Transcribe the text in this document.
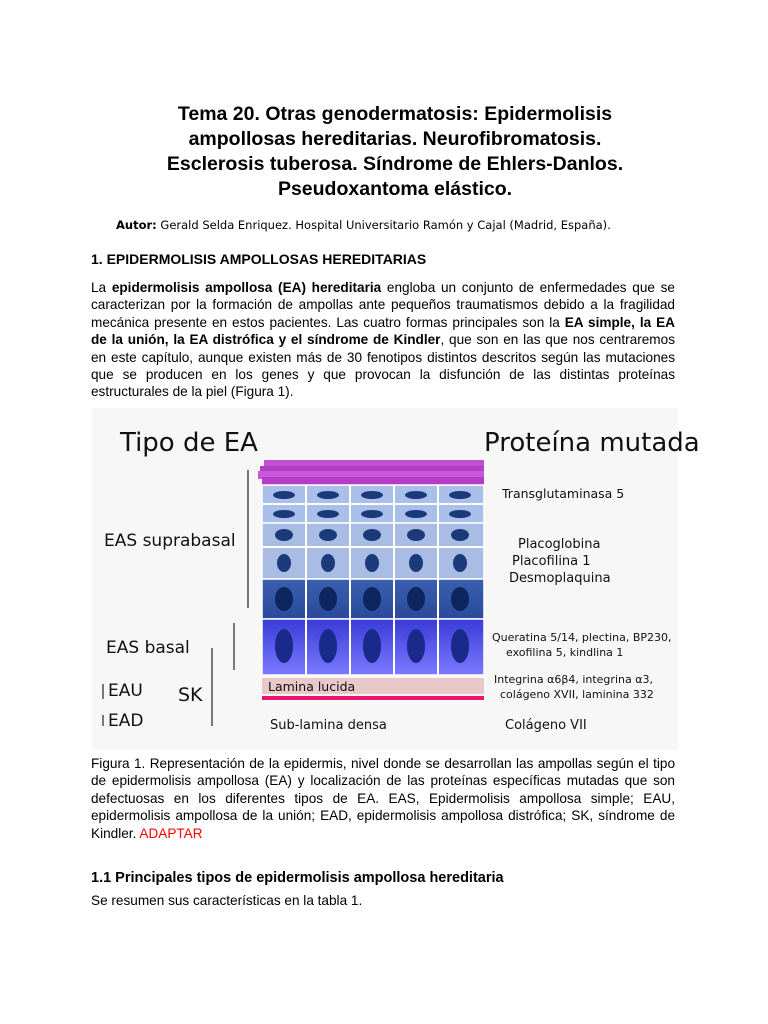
Tema 20. Otras genodermatosis: Epidermolisis
ampollosas hereditarias. Neurofibromatosis.
Esclerosis tuberosa. Síndrome de Ehlers-Danlos.
Pseudoxantoma elástico.
Autor: Gerald Selda Enriquez. Hospital Universitario Ramón y Cajal (Madrid, España).
1. EPIDERMOLISIS AMPOLLOSAS HEREDITARIAS
La epidermolisis ampollosa (EA) hereditaria engloba un conjunto de enfermedades que se caracterizan por la formación de ampollas ante pequeños traumatismos debido a la fragilidad mecánica presente en estos pacientes. Las cuatro formas principales son la EA simple, la EA de la unión, la EA distrófica y el síndrome de Kindler, que son en las que nos centraremos en este capítulo, aunque existen más de 30 fenotipos distintos descritos según las mutaciones que se producen en los genes y que provocan la disfunción de las distintas proteínas estructurales de la piel (Figura 1).
Tipo de EA	Proteína mutada
Lamina lucida
Sub-lamina densa
EAS suprabasal
EAS basal
EAU SK
EAD
Transglutaminasa 5
Placoglobina
Placofilina 1
Desmoplaquina
Queratina 5/14, plectina, BP230,
exofilina 5, kindlina 1
Integrina α6β4, integrina α3,
colágeno XVII, laminina 332
Colágeno VII
Figura 1. Representación de la epidermis, nivel donde se desarrollan las ampollas según el tipo de epidermolisis ampollosa (EA) y localización de las proteínas específicas mutadas que son defectuosas en los diferentes tipos de EA. EAS, Epidermolisis ampollosa simple; EAU, epidermolisis ampollosa de la unión; EAD, epidermolisis ampollosa distrófica; SK, síndrome de Kindler. ADAPTAR
1.1 Principales tipos de epidermolisis ampollosa hereditaria
Se resumen sus características en la tabla 1.
